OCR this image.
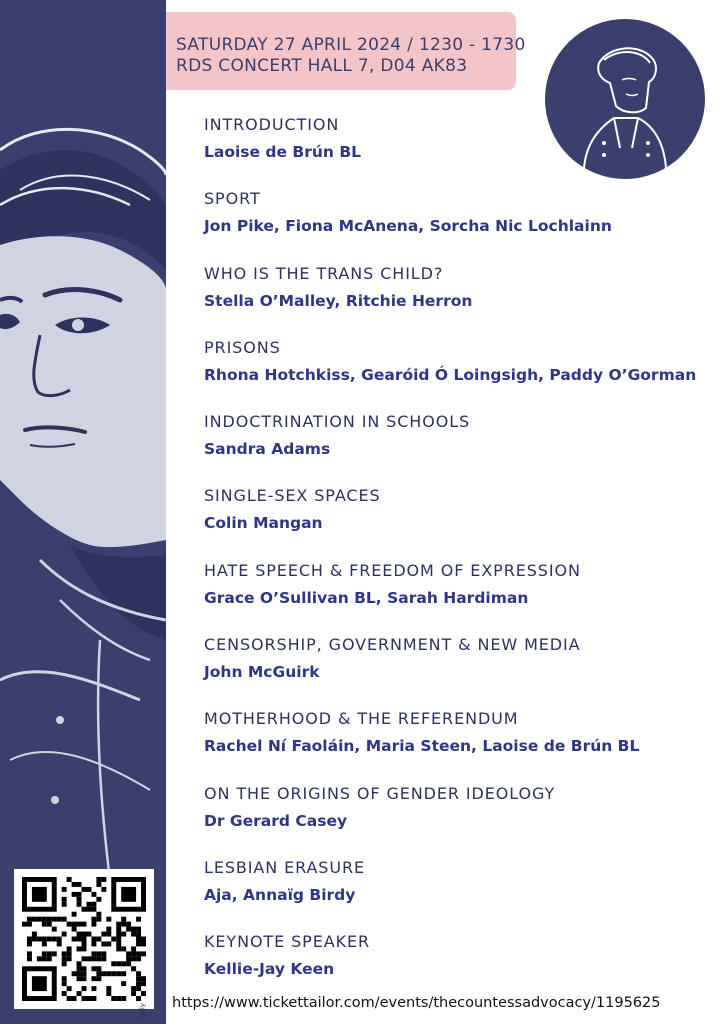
SATURDAY 27 APRIL 2024 / 1230 - 1730
RDS CONCERT HALL 7, D04 AK83
INTRODUCTION
Laoise de Brún BL
SPORT
Jon Pike, Fiona McAnena, Sorcha Nic Lochlainn
WHO IS THE TRANS CHILD?
Stella O’Malley, Ritchie Herron
PRISONS
Rhona Hotchkiss, Gearóid Ó Loingsigh, Paddy O’Gorman
INDOCTRINATION IN SCHOOLS
Sandra Adams
SINGLE-SEX SPACES
Colin Mangan
HATE SPEECH & FREEDOM OF EXPRESSION
Grace O’Sullivan BL, Sarah Hardiman
CENSORSHIP, GOVERNMENT & NEW MEDIA
John McGuirk
MOTHERHOOD & THE REFERENDUM
Rachel Ní Faoláin, Maria Steen, Laoise de Brún BL
ON THE ORIGINS OF GENDER IDEOLOGY
Dr Gerard Casey
LESBIAN ERASURE
Aja, Annaïg Birdy
KEYNOTE SPEAKER
Kellie-Jay Keen
billy https://www.tickettailor.com/events/thecountessadvocacy/1195625
